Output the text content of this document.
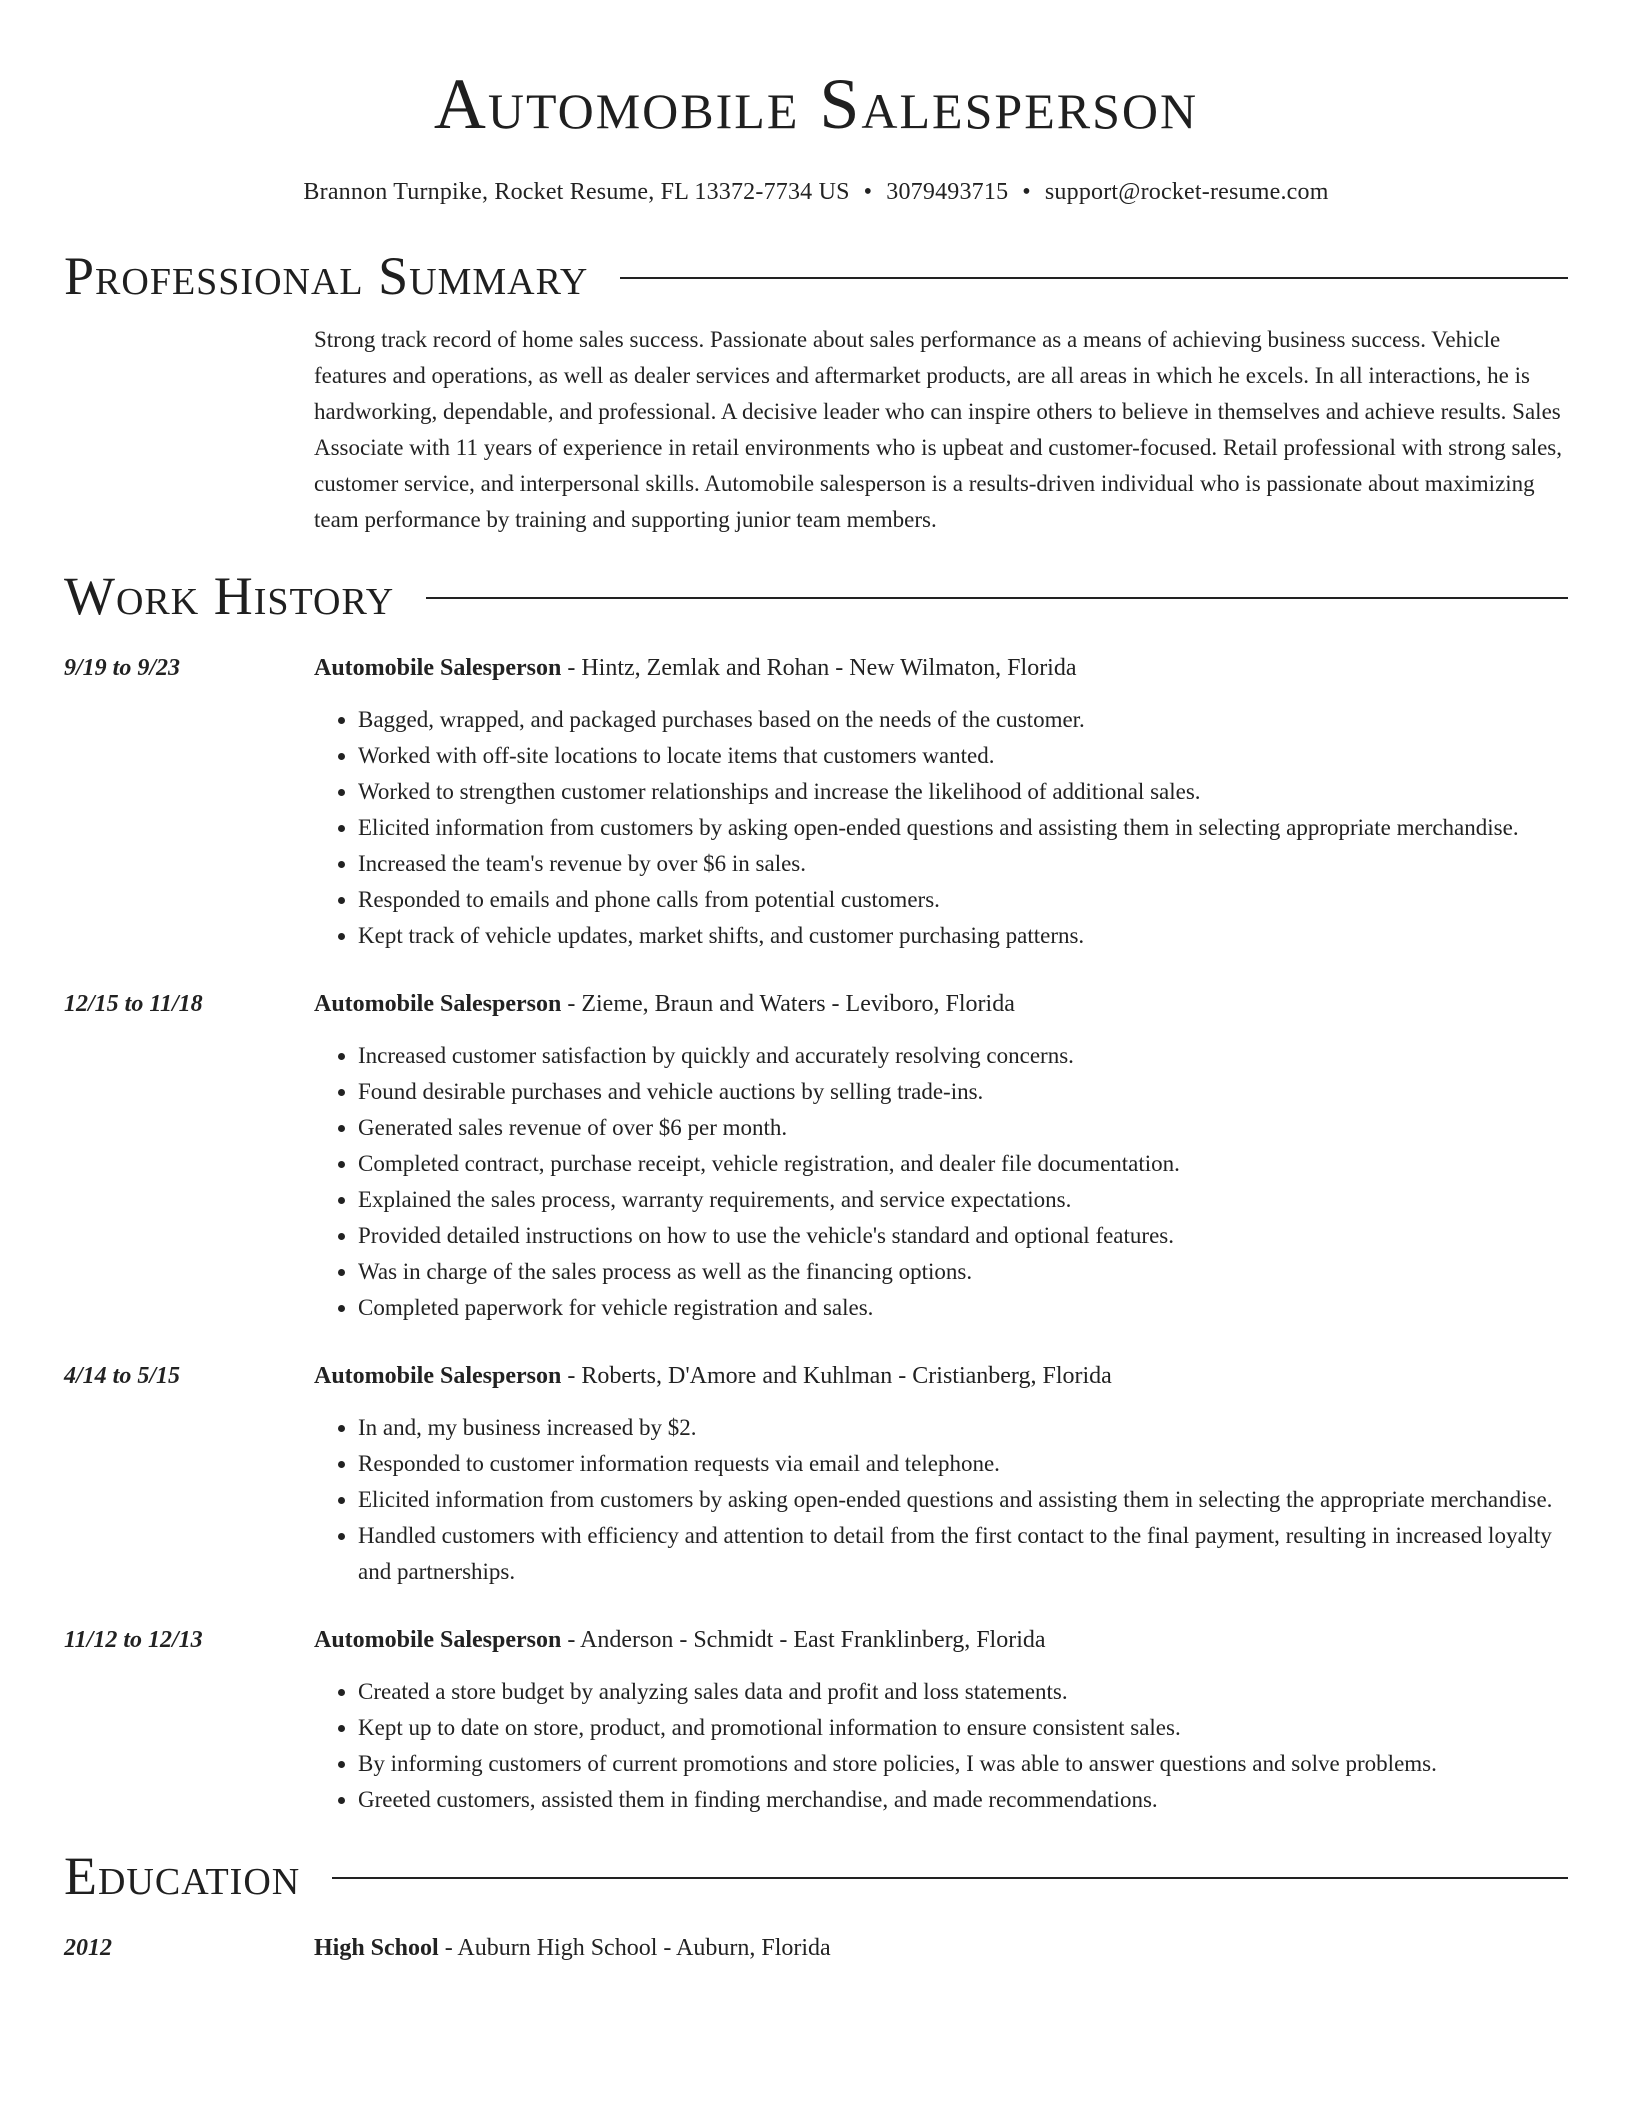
Automobile Salesperson
Brannon Turnpike, Rocket Resume, FL 13372-7734 US • 3079493715 • support@rocket-resume.com
Professional Summary
Strong track record of home sales success. Passionate about sales performance as a means of achieving business success. Vehicle features and operations, as well as dealer services and aftermarket products, are all areas in which he excels. In all interactions, he is hardworking, dependable, and professional. A decisive leader who can inspire others to believe in themselves and achieve results. Sales Associate with 11 years of experience in retail environments who is upbeat and customer-focused. Retail professional with strong sales, customer service, and interpersonal skills. Automobile salesperson is a results-driven individual who is passionate about maximizing team performance by training and supporting junior team members.
Work History
9/19 to 9/23	Automobile Salesperson - Hintz, Zemlak and Rohan - New Wilmaton, Florida
• Bagged, wrapped, and packaged purchases based on the needs of the customer.
• Worked with off-site locations to locate items that customers wanted.
• Worked to strengthen customer relationships and increase the likelihood of additional sales.
• Elicited information from customers by asking open-ended questions and assisting them in selecting appropriate merchandise.
• Increased the team's revenue by over $6 in sales.
• Responded to emails and phone calls from potential customers.
• Kept track of vehicle updates, market shifts, and customer purchasing patterns.
12/15 to 11/18	Automobile Salesperson - Zieme, Braun and Waters - Leviboro, Florida
• Increased customer satisfaction by quickly and accurately resolving concerns.
• Found desirable purchases and vehicle auctions by selling trade-ins.
• Generated sales revenue of over $6 per month.
• Completed contract, purchase receipt, vehicle registration, and dealer file documentation.
• Explained the sales process, warranty requirements, and service expectations.
• Provided detailed instructions on how to use the vehicle's standard and optional features.
• Was in charge of the sales process as well as the financing options.
• Completed paperwork for vehicle registration and sales.
4/14 to 5/15	Automobile Salesperson - Roberts, D'Amore and Kuhlman - Cristianberg, Florida
• In and, my business increased by $2.
• Responded to customer information requests via email and telephone.
• Elicited information from customers by asking open-ended questions and assisting them in selecting the appropriate merchandise.
• Handled customers with efficiency and attention to detail from the first contact to the final payment, resulting in increased loyalty and partnerships.
11/12 to 12/13	Automobile Salesperson - Anderson - Schmidt - East Franklinberg, Florida
• Created a store budget by analyzing sales data and profit and loss statements.
• Kept up to date on store, product, and promotional information to ensure consistent sales.
• By informing customers of current promotions and store policies, I was able to answer questions and solve problems.
• Greeted customers, assisted them in finding merchandise, and made recommendations.
Education
2012	High School - Auburn High School - Auburn, Florida
